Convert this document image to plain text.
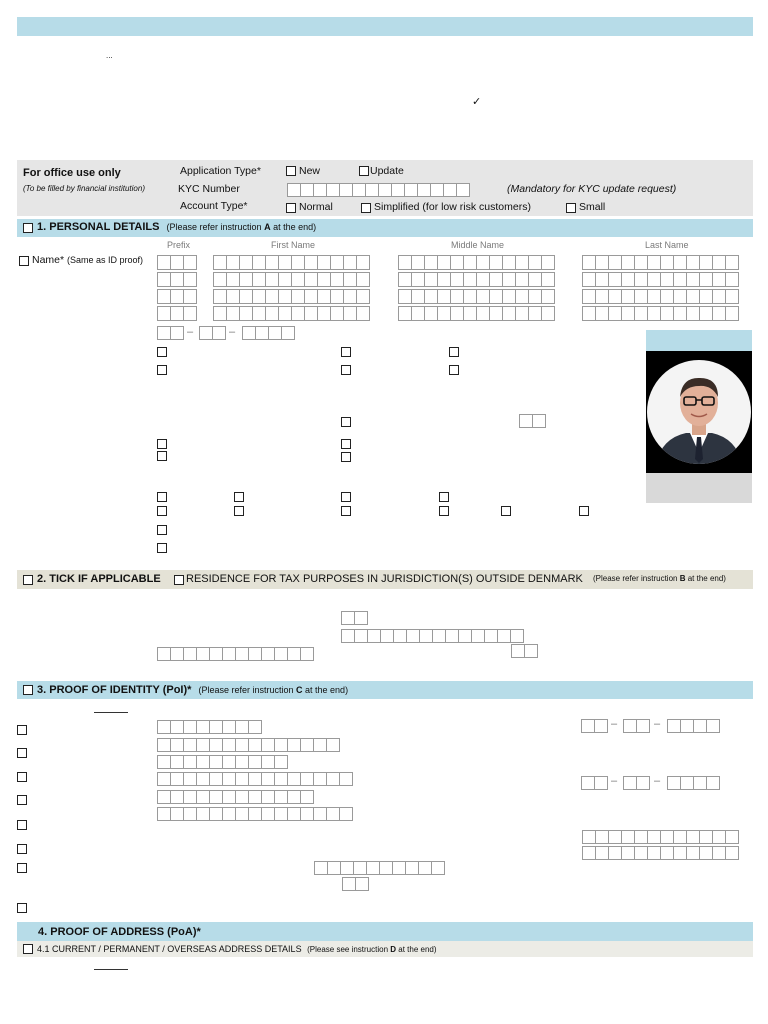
...
✓
For office use only
(To be filled by financial institution)
Application Type*	New	Update
KYC Number	(Mandatory for KYC update request)
Account Type*	Normal	Simplified (for low risk customers)	Small
1. PERSONAL DETAILS (Please refer instruction A at the end)
Prefix	First Name	Middle Name	Last Name
Name* (Same as ID proof)
–	–
2. TICK IF APPLICABLE RESIDENCE FOR TAX PURPOSES IN JURISDICTION(S) OUTSIDE DENMARK (Please refer instruction B at the end)
3. PROOF OF IDENTITY (PoI)* (Please refer instruction C at the end)
–	–
–	–
4. PROOF OF ADDRESS (PoA)*
4.1 CURRENT / PERMANENT / OVERSEAS ADDRESS DETAILS (Please see instruction D at the end)
